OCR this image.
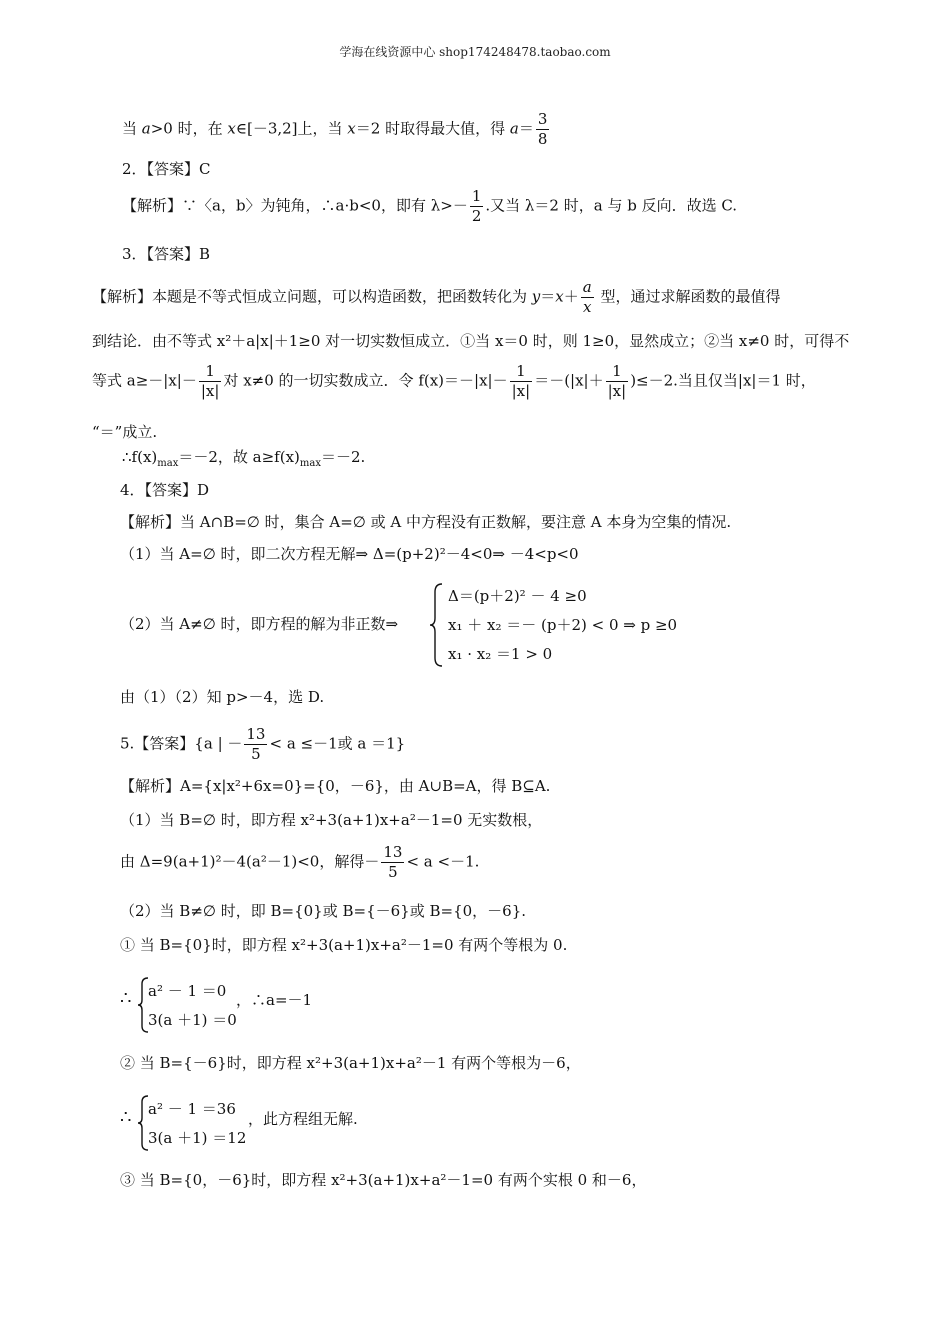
学海在线资源中心 shop174248478.taobao.com
当 a>0 时，在 x∈[－3,2]上，当 x＝2 时取得最大值，得 $a= \frac{3}{8}$
2．【答案】C
【解析】∵〈a，b〉为钝角，∴a·b<0，即有 $\lambda>- \frac{1}{2}$ .又当 λ＝2 时，a 与 b 反向．故选 C.
3．【答案】B
【解析】本题是不等式恒成立问题，可以构造函数，把函数转化为 $y=x+ \frac{a}{x}$ 型，通过求解函数的最值得
到结论．由不等式 x²＋a|x|＋1≥0 对一切实数恒成立．①当 x＝0 时，则 1≥0，显然成立；②当 x≠0 时，可得不
等式 $a\ge-|x|- \frac{1}{|x|}$ 对 x≠0 的一切实数成立．令 $f(x)=-|x|- \frac{1}{|x|} =-(|x|+ \frac{1}{|x|} )\le-2$.当且仅当|x|＝1 时，
“＝”成立.
$\therefore f(x)_{max}=-2$，故 $a\ge f(x)_{max}=-2$.
4．【答案】D
【解析】当 A∩B=∅ 时，集合 A=∅ 或 A 中方程没有正数解，要注意 A 本身为空集的情况.
（1）当 A=∅ 时，即二次方程无解⇒ Δ=(p+2)²－4<0⇒ －4<p<0
（2）当 A≠∅ 时，即方程的解为非正数⇒
Δ＝(p＋2)² － 4 ≥0
x₁ ＋ x₂ ＝－ (p＋2) < 0 ⇒ p ≥0
x₁ · x₂ ＝1 > 0
由（1）（2）知 p>－4，选 D.
5.【答案】{a | － $\frac{13}{5} < a \le-1$或 a ＝1}
【解析】A={x|x²+6x=0}={0，－6}，由 A∪B=A，得 B⊆A.
（1）当 B=∅ 时，即方程 x²+3(a+1)x+a²－1=0 无实数根，
由 Δ=9(a+1)²－4(a²－1)<0，解得－ $\frac{13}{5} < a <-1$.
（2）当 B≠∅ 时，即 B={0}或 B={－6}或 B={0，－6}.
① 当 B={0}时，即方程 x²+3(a+1)x+a²－1=0 有两个等根为 0.
∴ a² － 1 ＝0
3(a ＋1) ＝0
，∴a=－1
② 当 B={－6}时，即方程 x²+3(a+1)x+a²－1 有两个等根为－6，
∴ a² － 1 ＝36
3(a ＋1) ＝12
，此方程组无解.
③ 当 B={0，－6}时，即方程 x²+3(a+1)x+a²－1=0 有两个实根 0 和－6，
